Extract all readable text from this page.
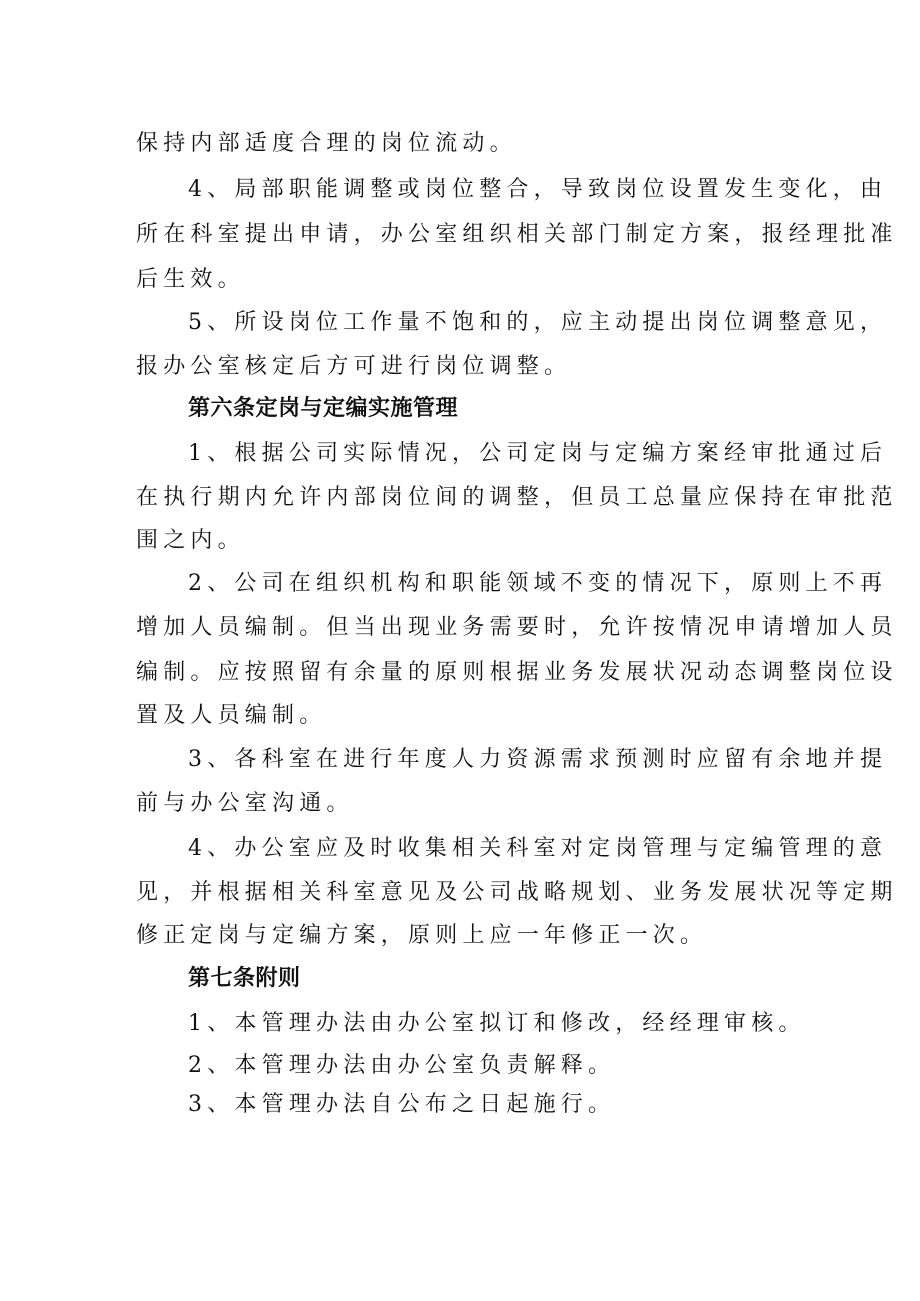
保持内部适度合理的岗位流动。

4、局部职能调整或岗位整合，导致岗位设置发生变化，由

所在科室提出申请，办公室组织相关部门制定方案，报经理批准

后生效。

5、所设岗位工作量不饱和的，应主动提出岗位调整意见，

报办公室核定后方可进行岗位调整。

第六条定岗与定编实施管理

1、根据公司实际情况，公司定岗与定编方案经审批通过后

在执行期内允许内部岗位间的调整，但员工总量应保持在审批范

围之内。

2、公司在组织机构和职能领域不变的情况下，原则上不再

增加人员编制。但当出现业务需要时，允许按情况申请增加人员

编制。应按照留有余量的原则根据业务发展状况动态调整岗位设

置及人员编制。

3、各科室在进行年度人力资源需求预测时应留有余地并提

前与办公室沟通。

4、办公室应及时收集相关科室对定岗管理与定编管理的意

见，并根据相关科室意见及公司战略规划、业务发展状况等定期

修正定岗与定编方案，原则上应一年修正一次。

第七条附则

1、本管理办法由办公室拟订和修改，经经理审核。

2、本管理办法由办公室负责解释。

3、本管理办法自公布之日起施行。
